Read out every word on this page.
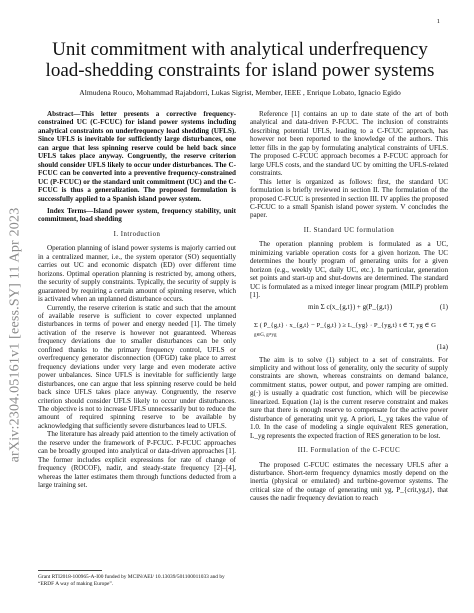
1
arXiv:2304.05161v1 [eess.SY] 11 Apr 2023
Unit commitment with analytical underfrequency load-shedding constraints for island power systems
Almudena Rouco, Mohammad Rajabdorri, Lukas Sigrist, Member, IEEE , Enrique Lobato, Ignacio Egido

Abstract—This letter presents a corrective frequency-constrained UC (C-FCUC) for island power systems including analytical constraints on underfrequency load shedding (UFLS). Since UFLS is inevitable for sufficiently large disturbances, one can argue that less spinning reserve could be held back since UFLS takes place anyway. Congruently, the reserve criterion should consider UFLS likely to occur under disturbances. The C-FCUC can be converted into a preventive frequency-constrained UC (P-FCUC) or the standard unit commitment (UC) and the C-FCUC is thus a generalization. The proposed formulation is successfully applied to a Spanish island power system.

Index Terms—Island power system, frequency stability, unit commitment, load shedding

I. Introduction

Operation planning of island power systems is majorly carried out in a centralized manner, i.e., the system operator (SO) sequentially carries out UC and economic dispatch (ED) over different time horizons. Optimal operation planning is restricted by, among others, the security of supply constraints. Typically, the security of supply is guaranteed by requiring a certain amount of spinning reserve, which is activated when an unplanned disturbance occurs.

Currently, the reserve criterion is static and such that the amount of available reserve is sufficient to cover expected unplanned disturbances in terms of power and energy needed [1]. The timely activation of the reserve is however not guaranteed. Whereas frequency deviations due to smaller disturbances can be only confined thanks to the primary frequency control, UFLS or overfrequency generator disconnection (OFGD) take place to arrest frequency deviations under very large and even moderate active power unbalances. Since UFLS is inevitable for sufficiently large disturbances, one can argue that less spinning reserve could be held back since UFLS takes place anyway. Congruently, the reserve criterion should consider UFLS likely to occur under disturbances. The objective is not to increase UFLS unnecessarily but to reduce the amount of required spinning reserve to be available by acknowledging that sufficiently severe disturbances lead to UFLS.

The literature has already paid attention to the timely activation of the reserve under the framework of P-FCUC. P-FCUC approaches can be broadly grouped into analytical or data-driven approaches [1]. The former includes explicit expressions for rate of change of frequency (ROCOF), nadir, and steady-state frequency [2]–[4], whereas the latter estimates them through functions deducted from a large training set.

Grant RTI2018-100965-A-I00 funded by MCIN/AEI/ 10.13039/501100011033 and by “ERDF A way of making Europe”.

Reference [1] contains an up to date state of the art of both analytical and data-driven P-FCUC. The inclusion of constraints describing potential UFLS, leading to a C-FCUC approach, has however not been reported to the knowledge of the authors. This letter fills in the gap by formulating analytical constraints of UFLS. The proposed C-FCUC approach becomes a P-FCUC approach for large UFLS costs, and the standard UC by omitting the UFLS-related constraints.

This letter is organized as follows: first, the standard UC formulation is briefly reviewed in section II. The formulation of the proposed C-FCUC is presented in section III. IV applies the proposed C-FCUC to a small Spanish island power system. V concludes the paper.

II. Standard UC formulation

The operation planning problem is formulated as a UC, minimizing variable operation costs for a given horizon. The UC determines the hourly program of generating units for a given horizon (e.g., weekly UC, daily UC, etc.). In particular, generation set points and start-up and shut-downs are determined. The standard UC is formulated as a mixed integer linear program (MILP) problem [1].

min Σ c(x_{g,t}) + g(P_{g,t})	(1)
Σ ( P̄_{g,t} · x_{g,t} − P_{g,t} ) ≥ L_{yg} · P_{yg,t} t ∈ T, yg ∈ G
g∈G, g≠yg
(1a)

The aim is to solve (1) subject to a set of constraints. For simplicity and without loss of generality, only the security of supply constraints are shown, whereas constraints on demand balance, commitment status, power output, and power ramping are omitted. g(·) is usually a quadratic cost function, which will be piecewise linearized. Equation (1a) is the current reserve constraint and makes sure that there is enough reserve to compensate for the active power disturbance of generating unit yg. A priori, L_yg takes the value of 1.0. In the case of modeling a single equivalent RES generation, L_yg represents the expected fraction of RES generation to be lost.

III. Formulation of the C-FCUC

The proposed C-FCUC estimates the necessary UFLS after a disturbance. Short-term frequency dynamics mostly depend on the inertia (physical or emulated) and turbine-governor systems. The critical size of the outage of generating unit yg, P_{crit,yg,t}, that causes the nadir frequency deviation to reach
